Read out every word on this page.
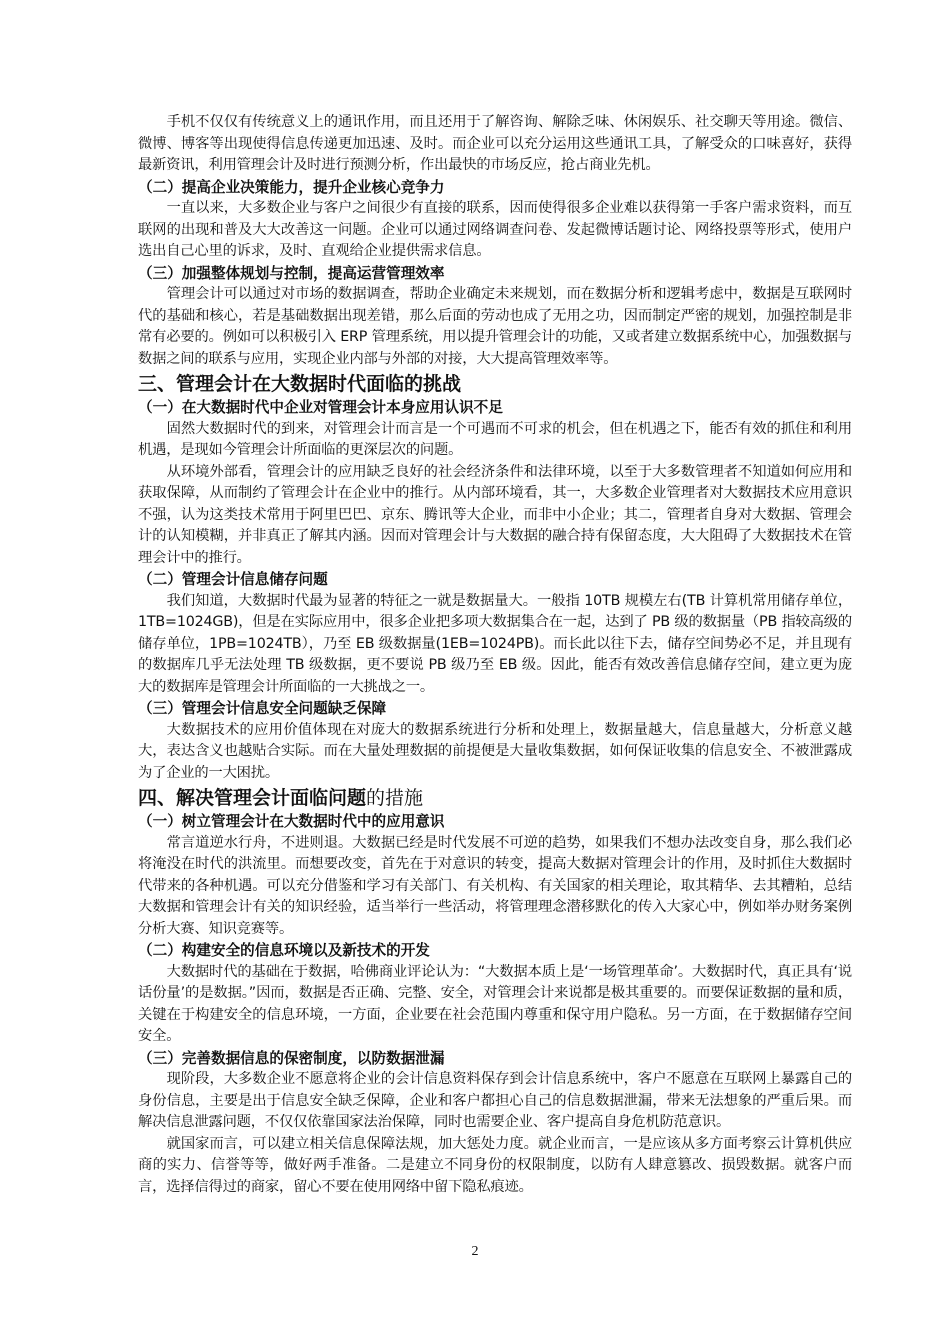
手机不仅仅有传统意义上的通讯作用，而且还用于了解咨询、解除乏味、休闲娱乐、社交聊天等用途。微信、微博、博客等出现使得信息传递更加迅速、及时。而企业可以充分运用这些通讯工具，了解受众的口味喜好，获得最新资讯，利用管理会计及时进行预测分析，作出最快的市场反应，抢占商业先机。

（二）提高企业决策能力，提升企业核心竞争力

一直以来，大多数企业与客户之间很少有直接的联系，因而使得很多企业难以获得第一手客户需求资料，而互联网的出现和普及大大改善这一问题。企业可以通过网络调查问卷、发起微博话题讨论、网络投票等形式，使用户选出自己心里的诉求，及时、直观给企业提供需求信息。

（三）加强整体规划与控制，提高运营管理效率

管理会计可以通过对市场的数据调查，帮助企业确定未来规划，而在数据分析和逻辑考虑中，数据是互联网时代的基础和核心，若是基础数据出现差错，那么后面的劳动也成了无用之功，因而制定严密的规划，加强控制是非常有必要的。例如可以积极引入 ERP 管理系统，用以提升管理会计的功能，又或者建立数据系统中心，加强数据与数据之间的联系与应用，实现企业内部与外部的对接，大大提高管理效率等。

三、管理会计在大数据时代面临的挑战
（一）在大数据时代中企业对管理会计本身应用认识不足

固然大数据时代的到来，对管理会计而言是一个可遇而不可求的机会，但在机遇之下，能否有效的抓住和利用机遇，是现如今管理会计所面临的更深层次的问题。

从环境外部看，管理会计的应用缺乏良好的社会经济条件和法律环境，以至于大多数管理者不知道如何应用和获取保障，从而制约了管理会计在企业中的推行。从内部环境看，其一，大多数企业管理者对大数据技术应用意识不强，认为这类技术常用于阿里巴巴、京东、腾讯等大企业，而非中小企业；其二，管理者自身对大数据、管理会计的认知模糊，并非真正了解其内涵。因而对管理会计与大数据的融合持有保留态度，大大阻碍了大数据技术在管理会计中的推行。

（二）管理会计信息储存问题

我们知道，大数据时代最为显著的特征之一就是数据量大。一般指 10TB 规模左右(TB 计算机常用储存单位，1TB=1024GB)，但是在实际应用中，很多企业把多项大数据集合在一起，达到了 PB 级的数据量（PB 指较高级的储存单位，1PB=1024TB），乃至 EB 级数据量(1EB=1024PB)。而长此以往下去，储存空间势必不足，并且现有的数据库几乎无法处理 TB 级数据，更不要说 PB 级乃至 EB 级。因此，能否有效改善信息储存空间，建立更为庞大的数据库是管理会计所面临的一大挑战之一。

（三）管理会计信息安全问题缺乏保障

大数据技术的应用价值体现在对庞大的数据系统进行分析和处理上，数据量越大，信息量越大，分析意义越大，表达含义也越贴合实际。而在大量处理数据的前提便是大量收集数据，如何保证收集的信息安全、不被泄露成为了企业的一大困扰。

四、解决管理会计面临问题的措施
（一）树立管理会计在大数据时代中的应用意识

常言道逆水行舟，不进则退。大数据已经是时代发展不可逆的趋势，如果我们不想办法改变自身，那么我们必将淹没在时代的洪流里。而想要改变，首先在于对意识的转变，提高大数据对管理会计的作用，及时抓住大数据时代带来的各种机遇。可以充分借鉴和学习有关部门、有关机构、有关国家的相关理论，取其精华、去其糟粕，总结大数据和管理会计有关的知识经验，适当举行一些活动，将管理理念潜移默化的传入大家心中，例如举办财务案例分析大赛、知识竞赛等。

（二）构建安全的信息环境以及新技术的开发

大数据时代的基础在于数据，哈佛商业评论认为：“大数据本质上是‘一场管理革命’。大数据时代，真正具有‘说话份量’的是数据。”因而，数据是否正确、完整、安全，对管理会计来说都是极其重要的。而要保证数据的量和质，关键在于构建安全的信息环境，一方面，企业要在社会范围内尊重和保守用户隐私。另一方面，在于数据储存空间安全。

（三）完善数据信息的保密制度，以防数据泄漏

现阶段，大多数企业不愿意将企业的会计信息资料保存到会计信息系统中，客户不愿意在互联网上暴露自己的身份信息，主要是出于信息安全缺乏保障，企业和客户都担心自己的信息数据泄漏，带来无法想象的严重后果。而解决信息泄露问题，不仅仅依靠国家法治保障，同时也需要企业、客户提高自身危机防范意识。

就国家而言，可以建立相关信息保障法规，加大惩处力度。就企业而言，一是应该从多方面考察云计算机供应商的实力、信誉等等，做好两手准备。二是建立不同身份的权限制度，以防有人肆意篡改、损毁数据。就客户而言，选择信得过的商家，留心不要在使用网络中留下隐私痕迹。

2
